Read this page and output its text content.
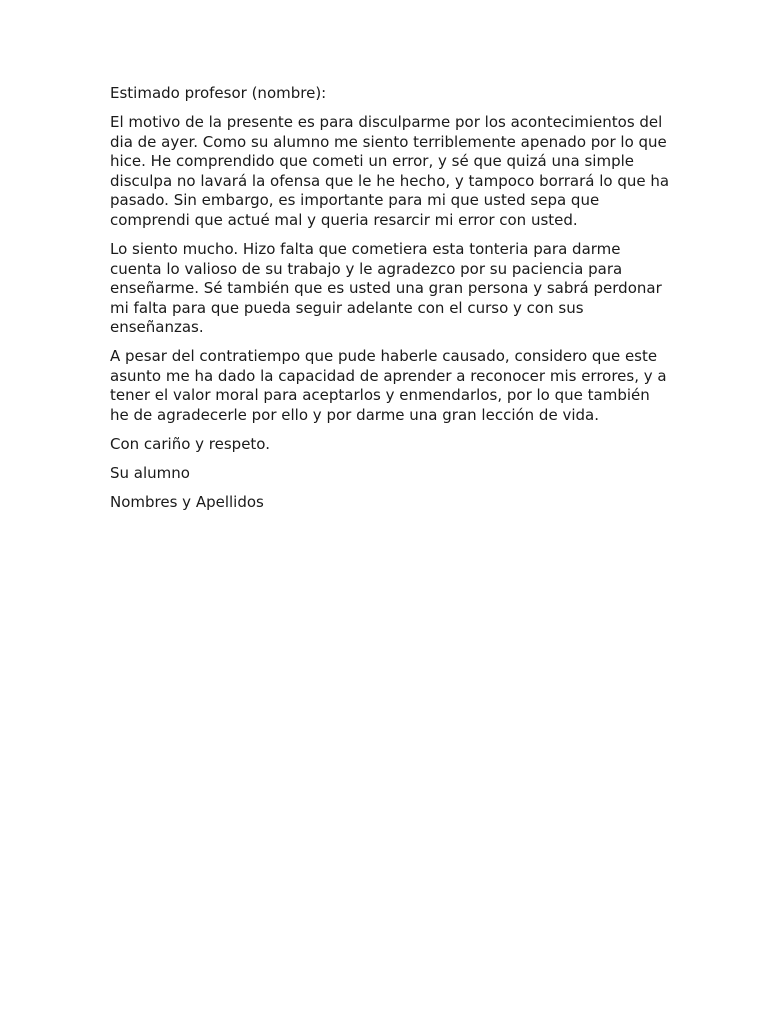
Estimado profesor (nombre):

El motivo de la presente es para disculparme por los acontecimientos del dia de ayer. Como su alumno me siento terriblemente apenado por lo que hice. He comprendido que cometi un error, y sé que quizá una simple disculpa no lavará la ofensa que le he hecho, y tampoco borrará lo que ha pasado. Sin embargo, es importante para mi que usted sepa que comprendi que actué mal y queria resarcir mi error con usted.

Lo siento mucho. Hizo falta que cometiera esta tonteria para darme cuenta lo valioso de su trabajo y le agradezco por su paciencia para enseñarme. Sé también que es usted una gran persona y sabrá perdonar mi falta para que pueda seguir adelante con el curso y con sus enseñanzas.

A pesar del contratiempo que pude haberle causado, considero que este asunto me ha dado la capacidad de aprender a reconocer mis errores, y a tener el valor moral para aceptarlos y enmendarlos, por lo que también he de agradecerle por ello y por darme una gran lección de vida.

Con cariño y respeto.

Su alumno

Nombres y Apellidos
